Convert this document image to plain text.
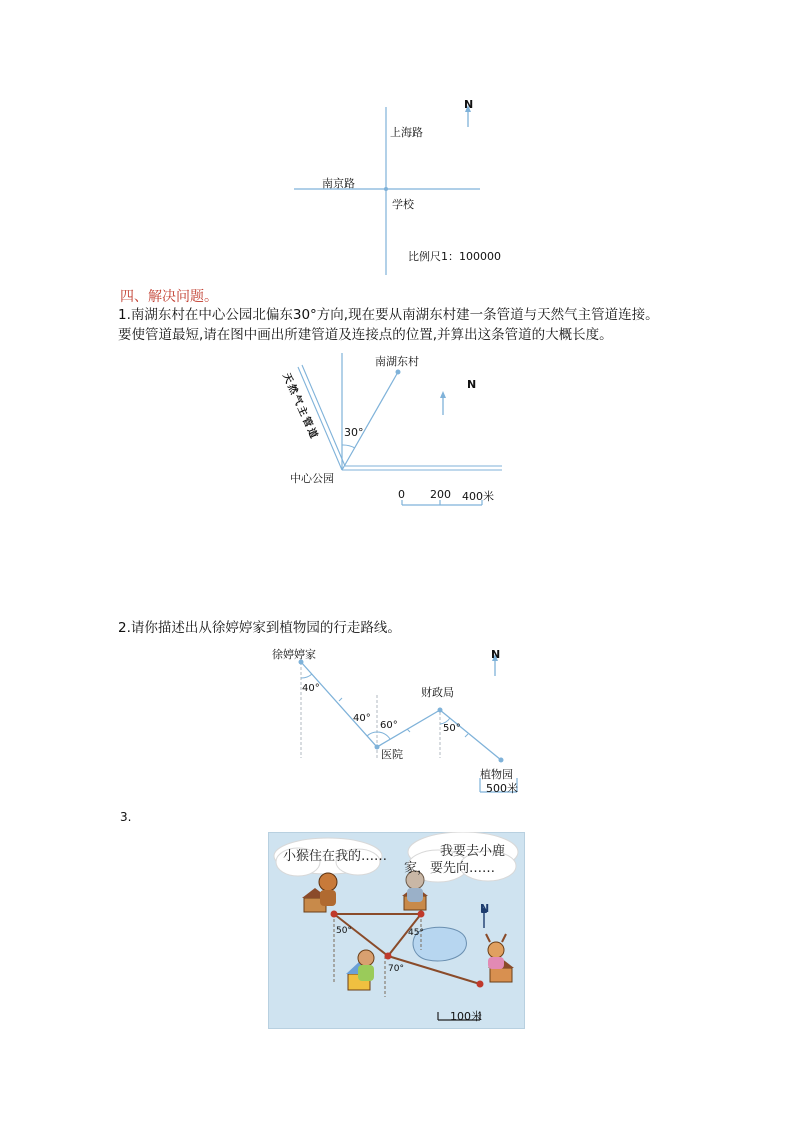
N
上海路
南京路
学校
比例尺1：100000
四、解决问题。
1.南湖东村在中心公园北偏东30°方向,现在要从南湖东村建一条管道与天然气主管道连接。
要使管道最短,请在图中画出所建管道及连接点的位置,并算出这条管道的大概长度。
南湖东村
天然气主管道	30°
中心公园
N
0 200 400米
2.请你描述出从徐婷婷家到植物园的行走路线。
徐婷婷家
医院
财政局
植物园
40°
40°
60°	50°
N
500米
3.
小猴住在我的……	我要去小鹿
家，要先向……
50°	45°
70°
N
100米
